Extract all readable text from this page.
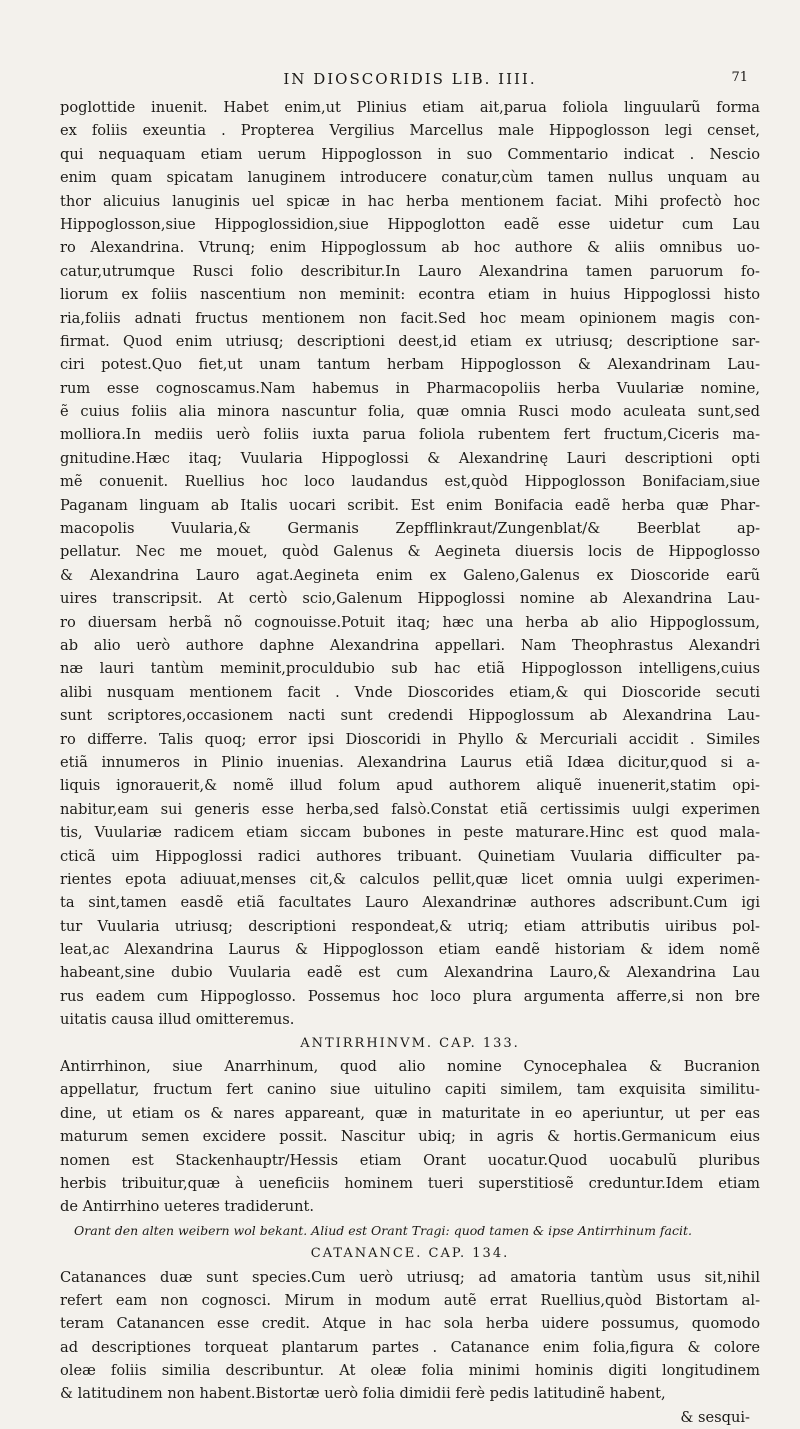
IN DIOSCORIDIS LIB. IIII.	71
poglottide inuenit. Habet enim,ut Plinius etiam ait,parua foliola linguularũ forma
ex foliis exeuntia . Propterea Vergilius Marcellus male Hippoglosson legi censet,
qui nequaquam etiam uerum Hippoglosson in suo Commentario indicat . Nescio
enim quam spicatam lanuginem introducere conatur,cùm tamen nullus unquam au
thor alicuius lanuginis uel spicæ in hac herba mentionem faciat. Mihi profectò hoc
Hippoglosson,siue Hippoglossidion,siue Hippoglotton eadẽ esse uidetur cum Lau
ro Alexandrina. Vtrunq; enim Hippoglossum ab hoc authore & aliis omnibus uo-
catur,utrumque Rusci folio describitur.In Lauro Alexandrina tamen paruorum fo-
liorum ex foliis nascentium non meminit: econtra etiam in huius Hippoglossi histo
ria,foliis adnati fructus mentionem non facit.Sed hoc meam opinionem magis con-
firmat. Quod enim utriusq; descriptioni deest,id etiam ex utriusq; descriptione sar-
ciri potest.Quo fiet,ut unam tantum herbam Hippoglosson & Alexandrinam Lau-
rum esse cognoscamus.Nam habemus in Pharmacopoliis herba Vuulariæ nomine,
ẽ cuius foliis alia minora nascuntur folia, quæ omnia Rusci modo aculeata sunt,sed
molliora.In mediis uerò foliis iuxta parua foliola rubentem fert fructum,Ciceris ma-
gnitudine.Hæc itaq; Vuularia Hippoglossi & Alexandrinę Lauri descriptioni opti
mẽ conuenit. Ruellius hoc loco laudandus est,quòd Hippoglosson Bonifaciam,siue
Paganam linguam ab Italis uocari scribit. Est enim Bonifacia eadẽ herba quæ Phar-
macopolis Vuularia,& Germanis Zepfflinkraut/Zungenblat/& Beerblat ap-
pellatur. Nec me mouet, quòd Galenus & Aegineta diuersis locis de Hippoglosso
& Alexandrina Lauro agat.Aegineta enim ex Galeno,Galenus ex Dioscoride earũ
uires transcripsit. At certò scio,Galenum Hippoglossi nomine ab Alexandrina Lau-
ro diuersam herbã nõ cognouisse.Potuit itaq; hæc una herba ab alio Hippoglossum,
ab alio uerò authore daphne Alexandrina appellari. Nam Theophrastus Alexandri
næ lauri tantùm meminit,proculdubio sub hac etiã Hippoglosson intelligens,cuius
alibi nusquam mentionem facit . Vnde Dioscorides etiam,& qui Dioscoride secuti
sunt scriptores,occasionem nacti sunt credendi Hippoglossum ab Alexandrina Lau-
ro differre. Talis quoq; error ipsi Dioscoridi in Phyllo & Mercuriali accidit . Similes
etiã innumeros in Plinio inuenias. Alexandrina Laurus etiã Idæa dicitur,quod si a-
liquis ignorauerit,& nomẽ illud folum apud authorem aliquẽ inuenerit,statim opi-
nabitur,eam sui generis esse herba,sed falsò.Constat etiã certissimis uulgi experimen
tis, Vuulariæ radicem etiam siccam bubones in peste maturare.Hinc est quod mala-
cticã uim Hippoglossi radici authores tribuant. Quinetiam Vuularia difficulter pa-
rientes epota adiuuat,menses cit,& calculos pellit,quæ licet omnia uulgi experimen-
ta sint,tamen easdẽ etiã facultates Lauro Alexandrinæ authores adscribunt.Cum igi
tur Vuularia utriusq; descriptioni respondeat,& utriq; etiam attributis uiribus pol-
leat,ac Alexandrina Laurus & Hippoglosson etiam eandẽ historiam & idem nomẽ
habeant,sine dubio Vuularia eadẽ est cum Alexandrina Lauro,& Alexandrina Lau
rus eadem cum Hippoglosso. Possemus hoc loco plura argumenta afferre,si non bre
uitatis causa illud omitteremus.
ANTIRRHINVM. CAP. 133.
Antirrhinon, siue Anarrhinum, quod alio nomine Cynocephalea & Bucranion
appellatur, fructum fert canino siue uitulino capiti similem, tam exquisita similitu-
dine, ut etiam os & nares appareant, quæ in maturitate in eo aperiuntur, ut per eas
maturum semen excidere possit. Nascitur ubiq; in agris & hortis.Germanicum eius
nomen est Stackenhauptr/Hessis etiam Orant uocatur.Quod uocabulũ pluribus
herbis tribuitur,quæ à ueneficiis hominem tueri superstitiosẽ creduntur.Idem etiam
de Antirrhino ueteres tradiderunt.
Orant den alten weibern wol bekant. Aliud est Orant Tragi: quod tamen & ipse Antirrhinum facit.
CATANANCE. CAP. 134.
Catanances duæ sunt species.Cum uerò utriusq; ad amatoria tantùm usus sit,nihil
refert eam non cognosci. Mirum in modum autẽ errat Ruellius,quòd Bistortam al-
teram Catanancen esse credit. Atque in hac sola herba uidere possumus, quomodo
ad descriptiones torqueat plantarum partes . Catanance enim folia,figura & colore
oleæ foliis similia describuntur. At oleæ folia minimi hominis digiti longitudinem
& latitudinem non habent.Bistortæ uerò folia dimidii ferè pedis latitudinẽ habent,
& sesqui-
